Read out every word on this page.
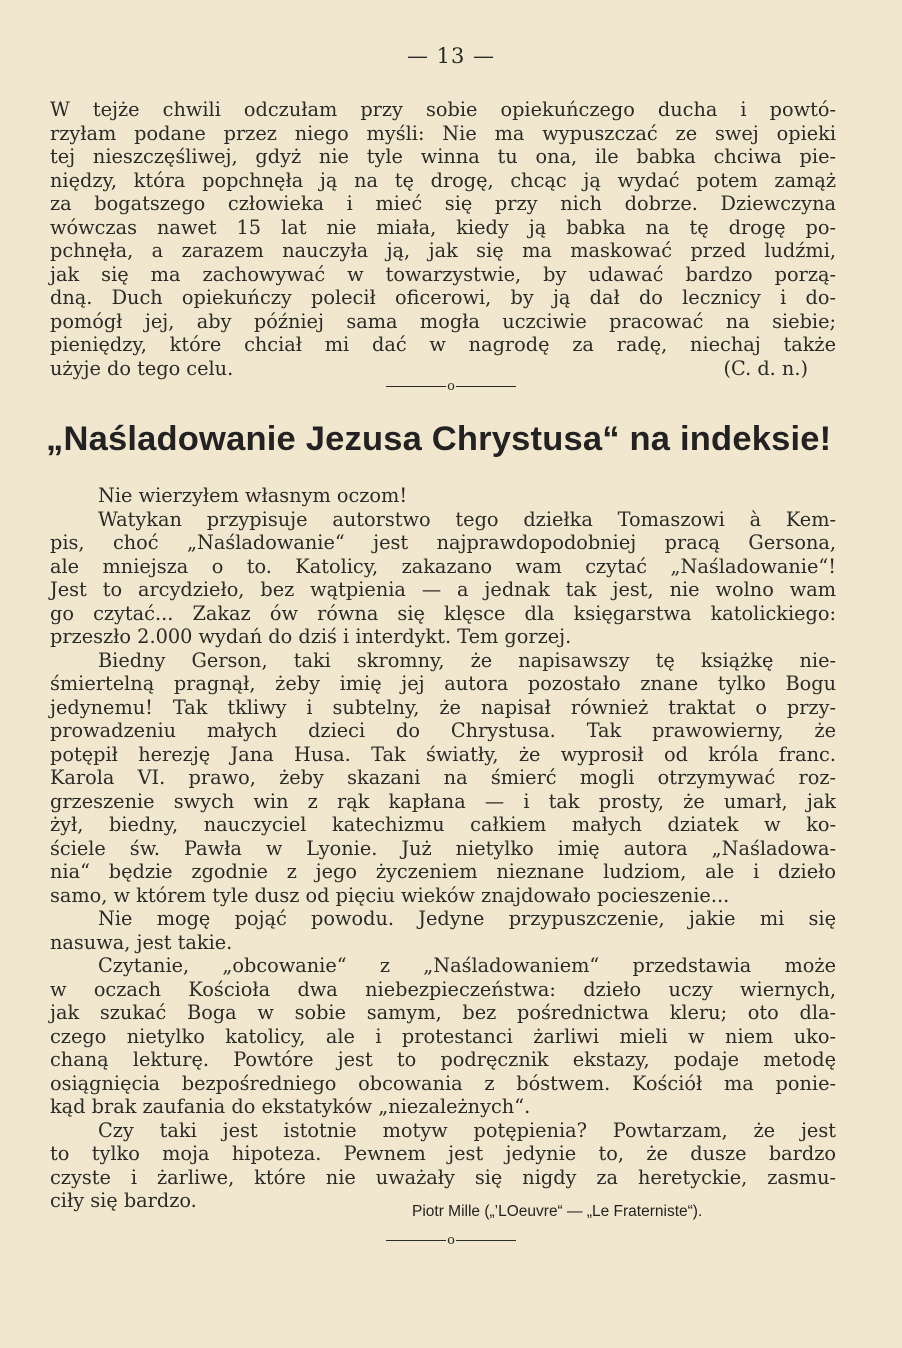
— 13 —
W tejże chwili odczułam przy sobie opiekuńczego ducha i powtó-
rzyłam podane przez niego myśli: Nie ma wypuszczać ze swej opieki
tej nieszczęśliwej, gdyż nie tyle winna tu ona, ile babka chciwa pie-
niędzy, która popchnęła ją na tę drogę, chcąc ją wydać potem zamąż
za bogatszego człowieka i mieć się przy nich dobrze. Dziewczyna
wówczas nawet 15 lat nie miała, kiedy ją babka na tę drogę po-
pchnęła, a zarazem nauczyła ją, jak się ma maskować przed ludźmi,
jak się ma zachowywać w towarzystwie, by udawać bardzo porzą-
dną. Duch opiekuńczy polecił oficerowi, by ją dał do lecznicy i do-
pomógł jej, aby później sama mogła uczciwie pracować na siebie;
pieniędzy, które chciał mi dać w nagrodę za radę, niechaj także
użyje do tego celu.	(C. d. n.)
o
„Naśladowanie Jezusa Chrystusa“ na indeksie!
Nie wierzyłem własnym oczom!
Watykan przypisuje autorstwo tego dziełka Tomaszowi à Kem-
pis, choć „Naśladowanie“ jest najprawdopodobniej pracą Gersona,
ale mniejsza o to. Katolicy, zakazano wam czytać „Naśladowanie“!
Jest to arcydzieło, bez wątpienia — a jednak tak jest, nie wolno wam
go czytać... Zakaz ów równa się klęsce dla księgarstwa katolickiego:
przeszło 2.000 wydań do dziś i interdykt. Tem gorzej.
Biedny Gerson, taki skromny, że napisawszy tę książkę nie-
śmiertelną pragnął, żeby imię jej autora pozostało znane tylko Bogu
jedynemu! Tak tkliwy i subtelny, że napisał również traktat o przy-
prowadzeniu małych dzieci do Chrystusa. Tak prawowierny, że
potępił herezję Jana Husa. Tak światły, że wyprosił od króla franc.
Karola VI. prawo, żeby skazani na śmierć mogli otrzymywać roz-
grzeszenie swych win z rąk kapłana — i tak prosty, że umarł, jak
żył, biedny, nauczyciel katechizmu całkiem małych dziatek w ko-
ściele św. Pawła w Lyonie. Już nietylko imię autora „Naśladowa-
nia“ będzie zgodnie z jego życzeniem nieznane ludziom, ale i dzieło
samo, w którem tyle dusz od pięciu wieków znajdowało pocieszenie...
Nie mogę pojąć powodu. Jedyne przypuszczenie, jakie mi się
nasuwa, jest takie.
Czytanie, „obcowanie“ z „Naśladowaniem“ przedstawia może
w oczach Kościoła dwa niebezpieczeństwa: dzieło uczy wiernych,
jak szukać Boga w sobie samym, bez pośrednictwa kleru; oto dla-
czego nietylko katolicy, ale i protestanci żarliwi mieli w niem uko-
chaną lekturę. Powtóre jest to podręcznik ekstazy, podaje metodę
osiągnięcia bezpośredniego obcowania z bóstwem. Kościół ma ponie-
kąd brak zaufania do ekstatyków „niezależnych“.
Czy taki jest istotnie motyw potępienia? Powtarzam, że jest
to tylko moja hipoteza. Pewnem jest jedynie to, że dusze bardzo
czyste i żarliwe, które nie uważały się nigdy za heretyckie, zasmu-
ciły się bardzo.	Piotr Mille („’LOeuvre“ — „Le Fraterniste“).
o
